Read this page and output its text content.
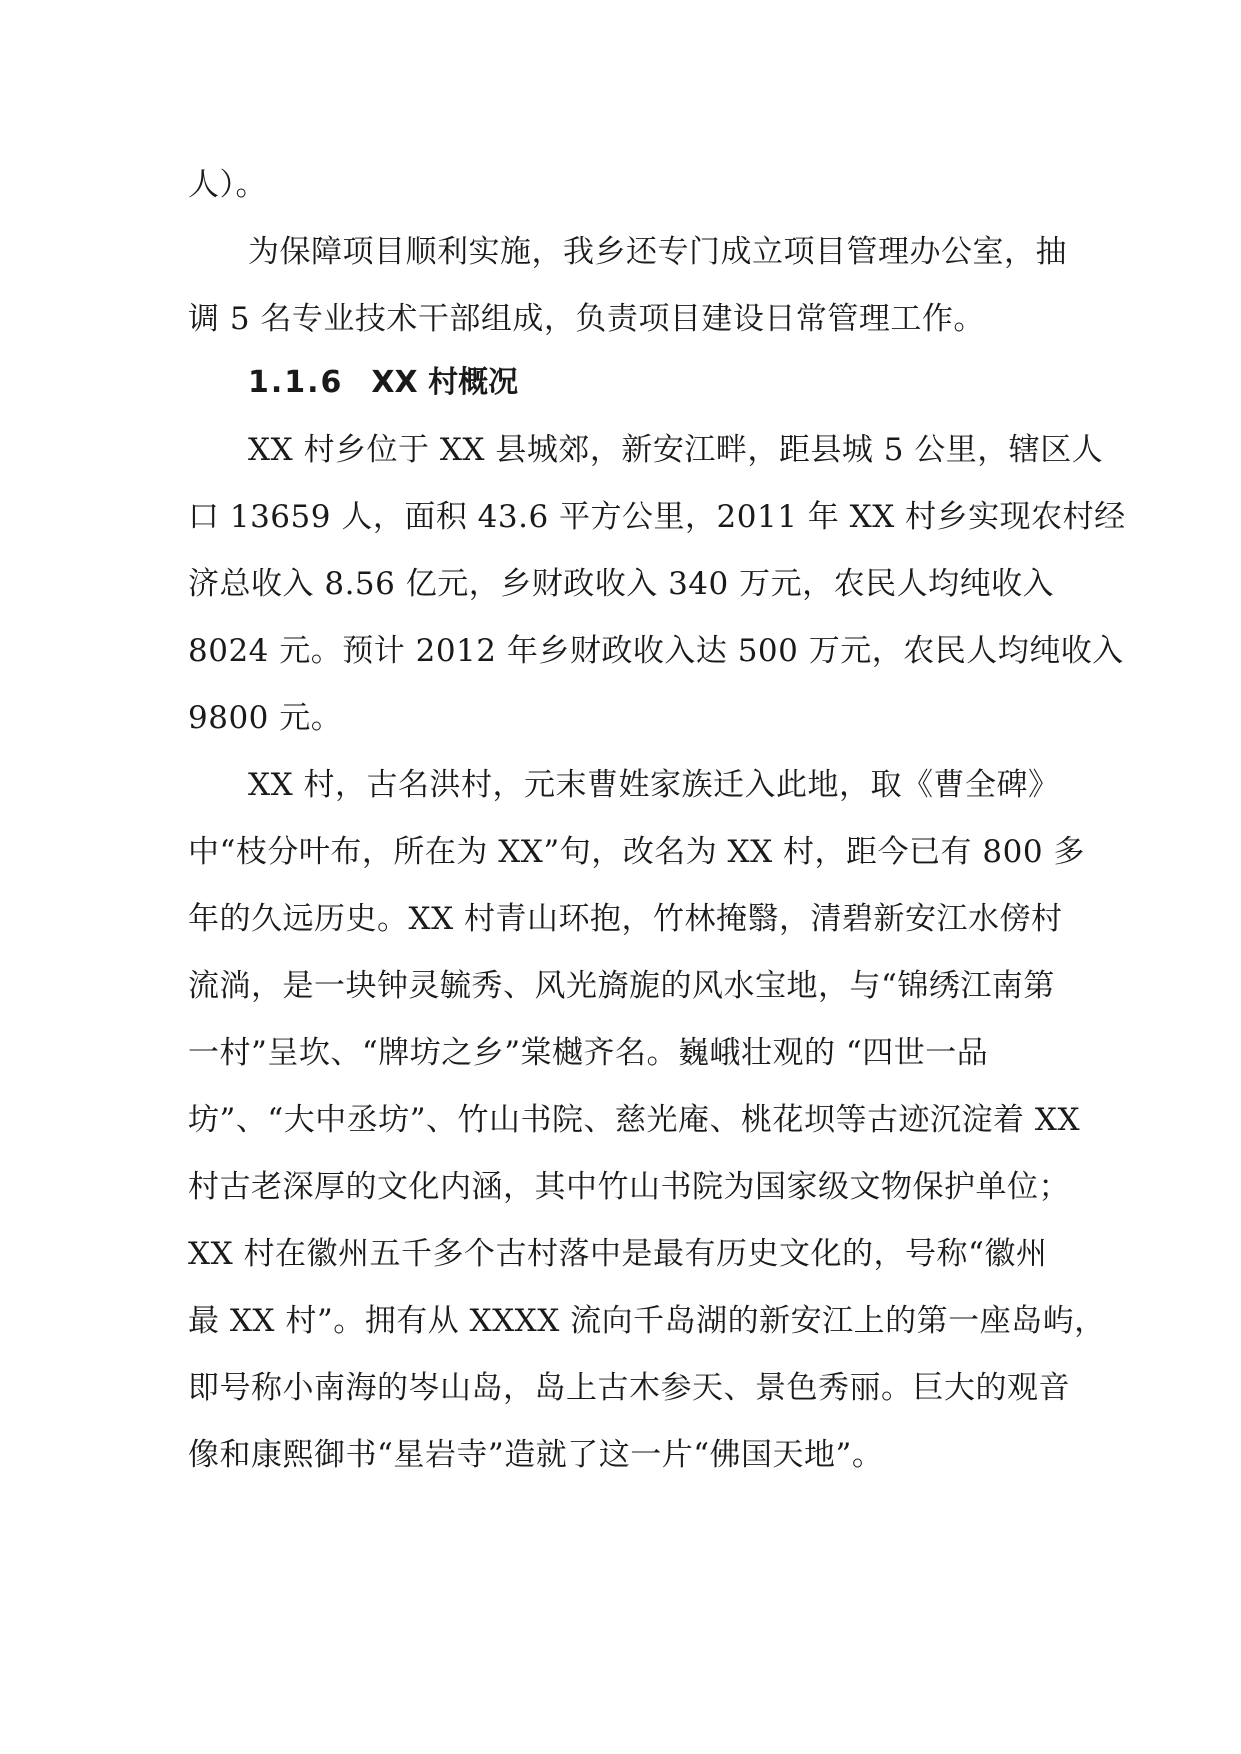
人）。
为保障项目顺利实施，我乡还专门成立项目管理办公室，抽
调 5 名专业技术干部组成，负责项目建设日常管理工作。
1.1.6 XX 村概况
XX 村乡位于 XX 县城郊，新安江畔，距县城 5 公里，辖区人
口 13659 人，面积 43.6 平方公里，2011 年 XX 村乡实现农村经
济总收入 8.56 亿元，乡财政收入 340 万元，农民人均纯收入
8024 元。预计 2012 年乡财政收入达 500 万元，农民人均纯收入
9800 元。
XX 村，古名洪村，元末曹姓家族迁入此地，取《曹全碑》
中“枝分叶布，所在为 XX”句，改名为 XX 村，距今已有 800 多
年的久远历史。XX 村青山环抱，竹林掩翳，清碧新安江水傍村
流淌，是一块钟灵毓秀、风光旖旎的风水宝地，与“锦绣江南第
一村”呈坎、“牌坊之乡”棠樾齐名。巍峨壮观的 “四世一品
坊”、“大中丞坊”、竹山书院、慈光庵、桃花坝等古迹沉淀着 XX
村古老深厚的文化内涵，其中竹山书院为国家级文物保护单位；
XX 村在徽州五千多个古村落中是最有历史文化的，号称“徽州
最 XX 村”。拥有从 XXXX 流向千岛湖的新安江上的第一座岛屿，
即号称小南海的岑山岛，岛上古木参天、景色秀丽。巨大的观音
像和康熙御书“星岩寺”造就了这一片“佛国天地”。
